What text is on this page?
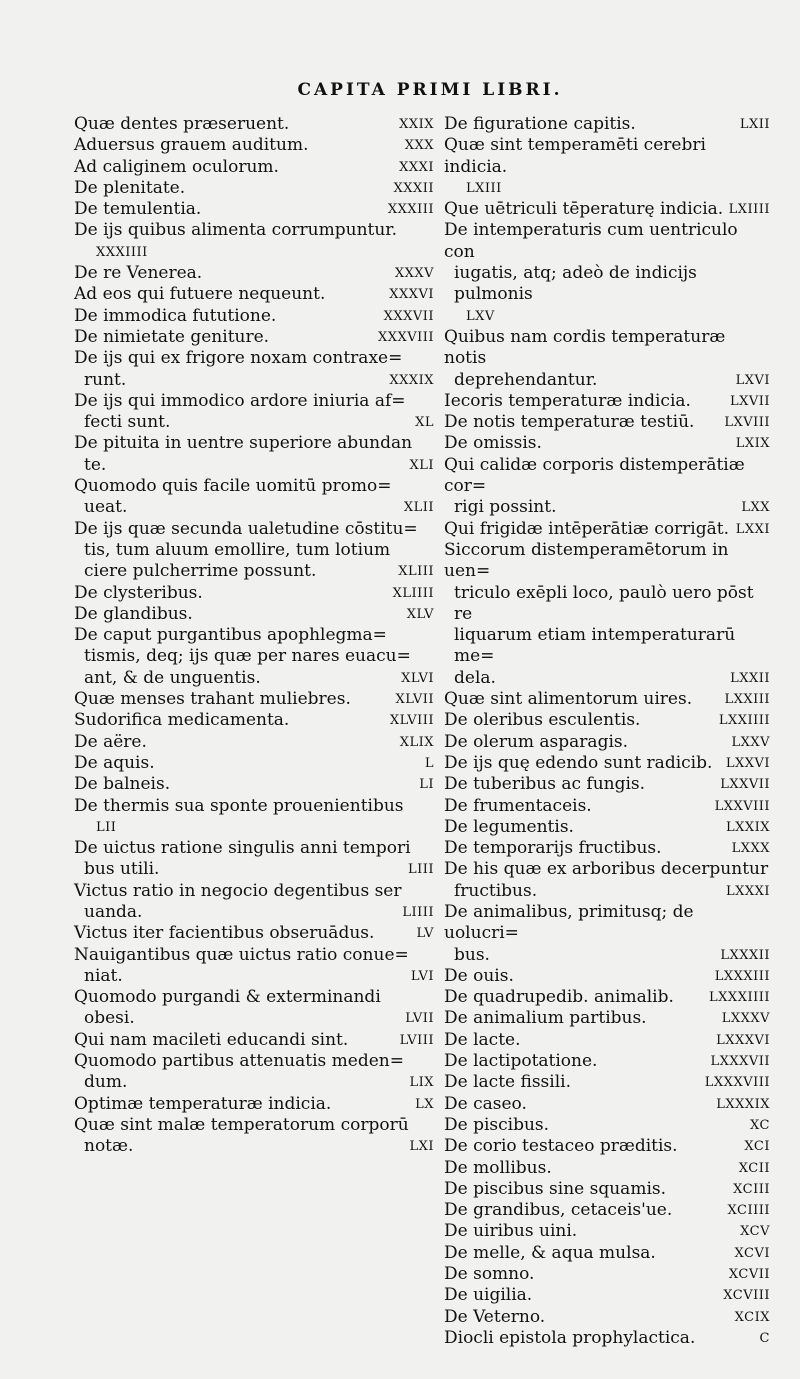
CAPITA PRIMI LIBRI.
Quæ dentes præseruent.	XXIX
Aduersus grauem auditum.	XXX
Ad caliginem oculorum.	XXXI
De plenitate.	XXXII
De temulentia.	XXXIII
De ijs quibus alimenta corrumpuntur.
XXXIIII
De re Venerea.	XXXV
Ad eos qui futuere nequeunt.	XXXVI
De immodica fututione.	XXXVII
De nimietate geniture.	XXXVIII
De ijs qui ex frigore noxam contraxe=
runt.	XXXIX
De ijs qui immodico ardore iniuria af=
fecti sunt.	XL
De pituita in uentre superiore abundan
te.	XLI
Quomodo quis facile uomitū promo=
ueat.	XLII
De ijs quæ secunda ualetudine cōstitu=
tis, tum aluum emollire, tum lotium
ciere pulcherrime possunt.	XLIII
De clysteribus.	XLIIII
De glandibus.	XLV
De caput purgantibus apophlegma=
tismis, deq; ijs quæ per nares euacu=
ant, & de unguentis.	XLVI
Quæ menses trahant muliebres.	XLVII
Sudorifica medicamenta.	XLVIII
De aëre.	XLIX
De aquis.	L
De balneis.	LI
De thermis sua sponte prouenientibus
LII
De uictus ratione singulis anni tempori
bus utili.	LIII
Victus ratio in negocio degentibus ser
uanda.	LIIII
Victus iter facientibus obseruādus.	LV
Nauigantibus quæ uictus ratio conue=
niat.	LVI
Quomodo purgandi & exterminandi
obesi.	LVII
Qui nam macileti educandi sint.	LVIII
Quomodo partibus attenuatis meden=
dum.	LIX
Optimæ temperaturæ indicia.	LX
Quæ sint malæ temperatorum corporū
notæ.	LXI
De figuratione capitis.	LXII
Quæ sint temperamēti cerebri indicia.
LXIII
Que uētriculi tēperaturę indicia. LXIIII
De intemperaturis cum uentriculo con
iugatis, atq; adeò de indicijs pulmonis
LXV
Quibus nam cordis temperaturæ notis
deprehendantur.	LXVI
Iecoris temperaturæ indicia.	LXVII
De notis temperaturæ testiū.	LXVIII
De omissis.	LXIX
Qui calidæ corporis distemperātiæ cor=
rigi possint.	LXX
Qui frigidæ intēperātiæ corrigāt. LXXI
Siccorum distemperamētorum in uen=
triculo exēpli loco, paulò uero pōst re
liquarum etiam intemperaturarū me=
dela.	LXXII
Quæ sint alimentorum uires.	LXXIII
De oleribus esculentis.	LXXIIII
De olerum asparagis.	LXXV
De ijs quę edendo sunt radicib.	LXXVI
De tuberibus ac fungis.	LXXVII
De frumentaceis.	LXXVIII
De legumentis.	LXXIX
De temporarijs fructibus.	LXXX
De his quæ ex arboribus decerpuntur
fructibus.	LXXXI
De animalibus, primitusq; de uolucri=
bus.	LXXXII
De ouis.	LXXXIII
De quadrupedib. animalib.	LXXXIIII
De animalium partibus.	LXXXV
De lacte.	LXXXVI
De lactipotatione.	LXXXVII
De lacte fissili.	LXXXVIII
De caseo.	LXXXIX
De piscibus.	XC
De corio testaceo præditis.	XCI
De mollibus.	XCII
De piscibus sine squamis.	XCIII
De grandibus, cetaceis'ue.	XCIIII
De uiribus uini.	XCV
De melle, & aqua mulsa.	XCVI
De somno.	XCVII
De uigilia.	XCVIII
De Veterno.	XCIX
Diocli epistola prophylactica.	C
